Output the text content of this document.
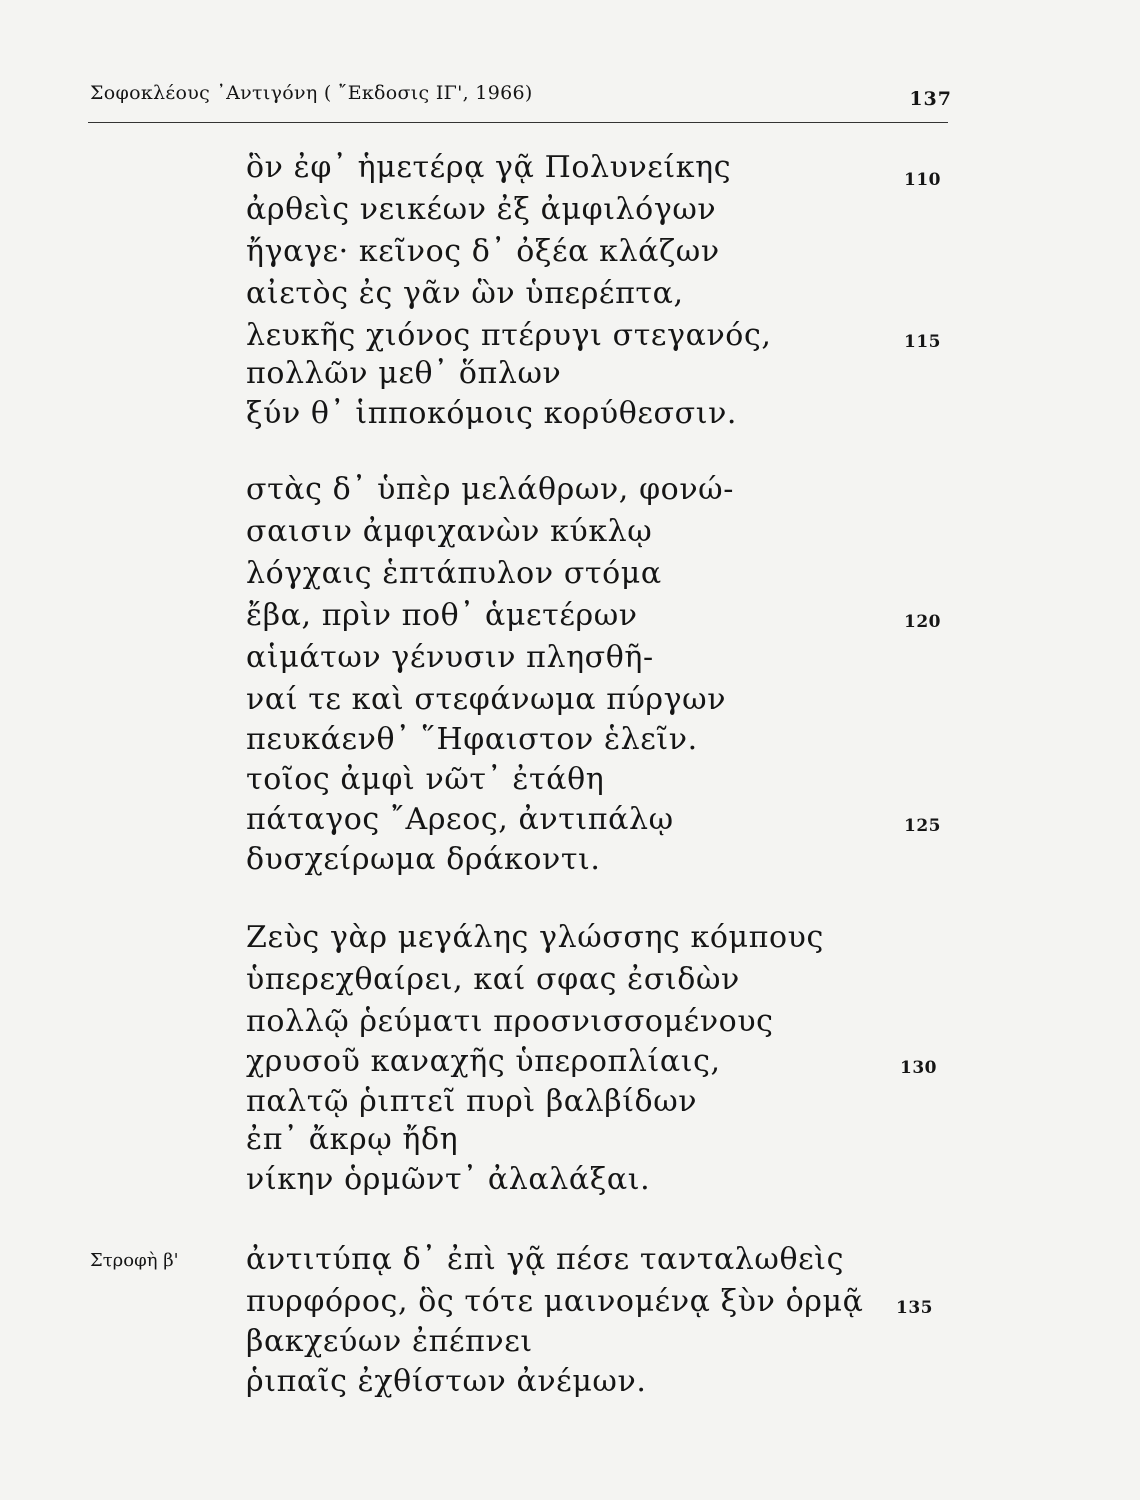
Σοφοκλέους ᾿Αντιγόνη ( ῎Εκδοσις ΙΓ', 1966)	137
ὃν ἐφ᾿ ἡμετέρᾳ γᾷ Πολυνείκης
ἀρθεὶς νεικέων ἐξ ἀμφιλόγων
ἤγαγε· κεῖνος δ᾿ ὀξέα κλάζων
αἰετὸς ἐς γᾶν ὣν ὑπερέπτα,
λευκῆς χιόνος πτέρυγι στεγανός,
πολλῶν μεθ᾿ ὅπλων
ξύν θ᾿ ἱπποκόμοις κορύθεσσιν.
στὰς δ᾿ ὑπὲρ μελάθρων, φονώ-
σαισιν ἀμφιχανὼν κύκλῳ
λόγχαις ἑπτάπυλον στόμα
ἔβα, πρὶν ποθ᾿ ἁμετέρων
αἱμάτων γένυσιν πλησθῆ-
ναί τε καὶ στεφάνωμα πύργων
πευκάενθ᾿ ῞Ηφαιστον ἑλεῖν.
τοῖος ἀμφὶ νῶτ᾿ ἐτάθη
πάταγος ῎Αρεος, ἀντιπάλῳ
δυσχείρωμα δράκοντι.
Ζεὺς γὰρ μεγάλης γλώσσης κόμπους
ὑπερεχθαίρει, καί σφας ἐσιδὼν
πολλῷ ῥεύματι προσνισσομένους
χρυσοῦ καναχῆς ὑπεροπλίαις,
παλτῷ ῥιπτεῖ πυρὶ βαλβίδων
ἐπ᾿ ἄκρῳ ἤδη
νίκην ὁρμῶντ᾿ ἀλαλάξαι.
Στροφὴ β' ἀντιτύπᾳ δ᾿ ἐπὶ γᾷ πέσε τανταλωθεὶς
πυρφόρος, ὃς τότε μαινομένᾳ ξὺν ὁρμᾷ
βακχεύων ἐπέπνει
ῥιπαῖς ἐχθίστων ἀνέμων.
110
115
120
125
130
135
